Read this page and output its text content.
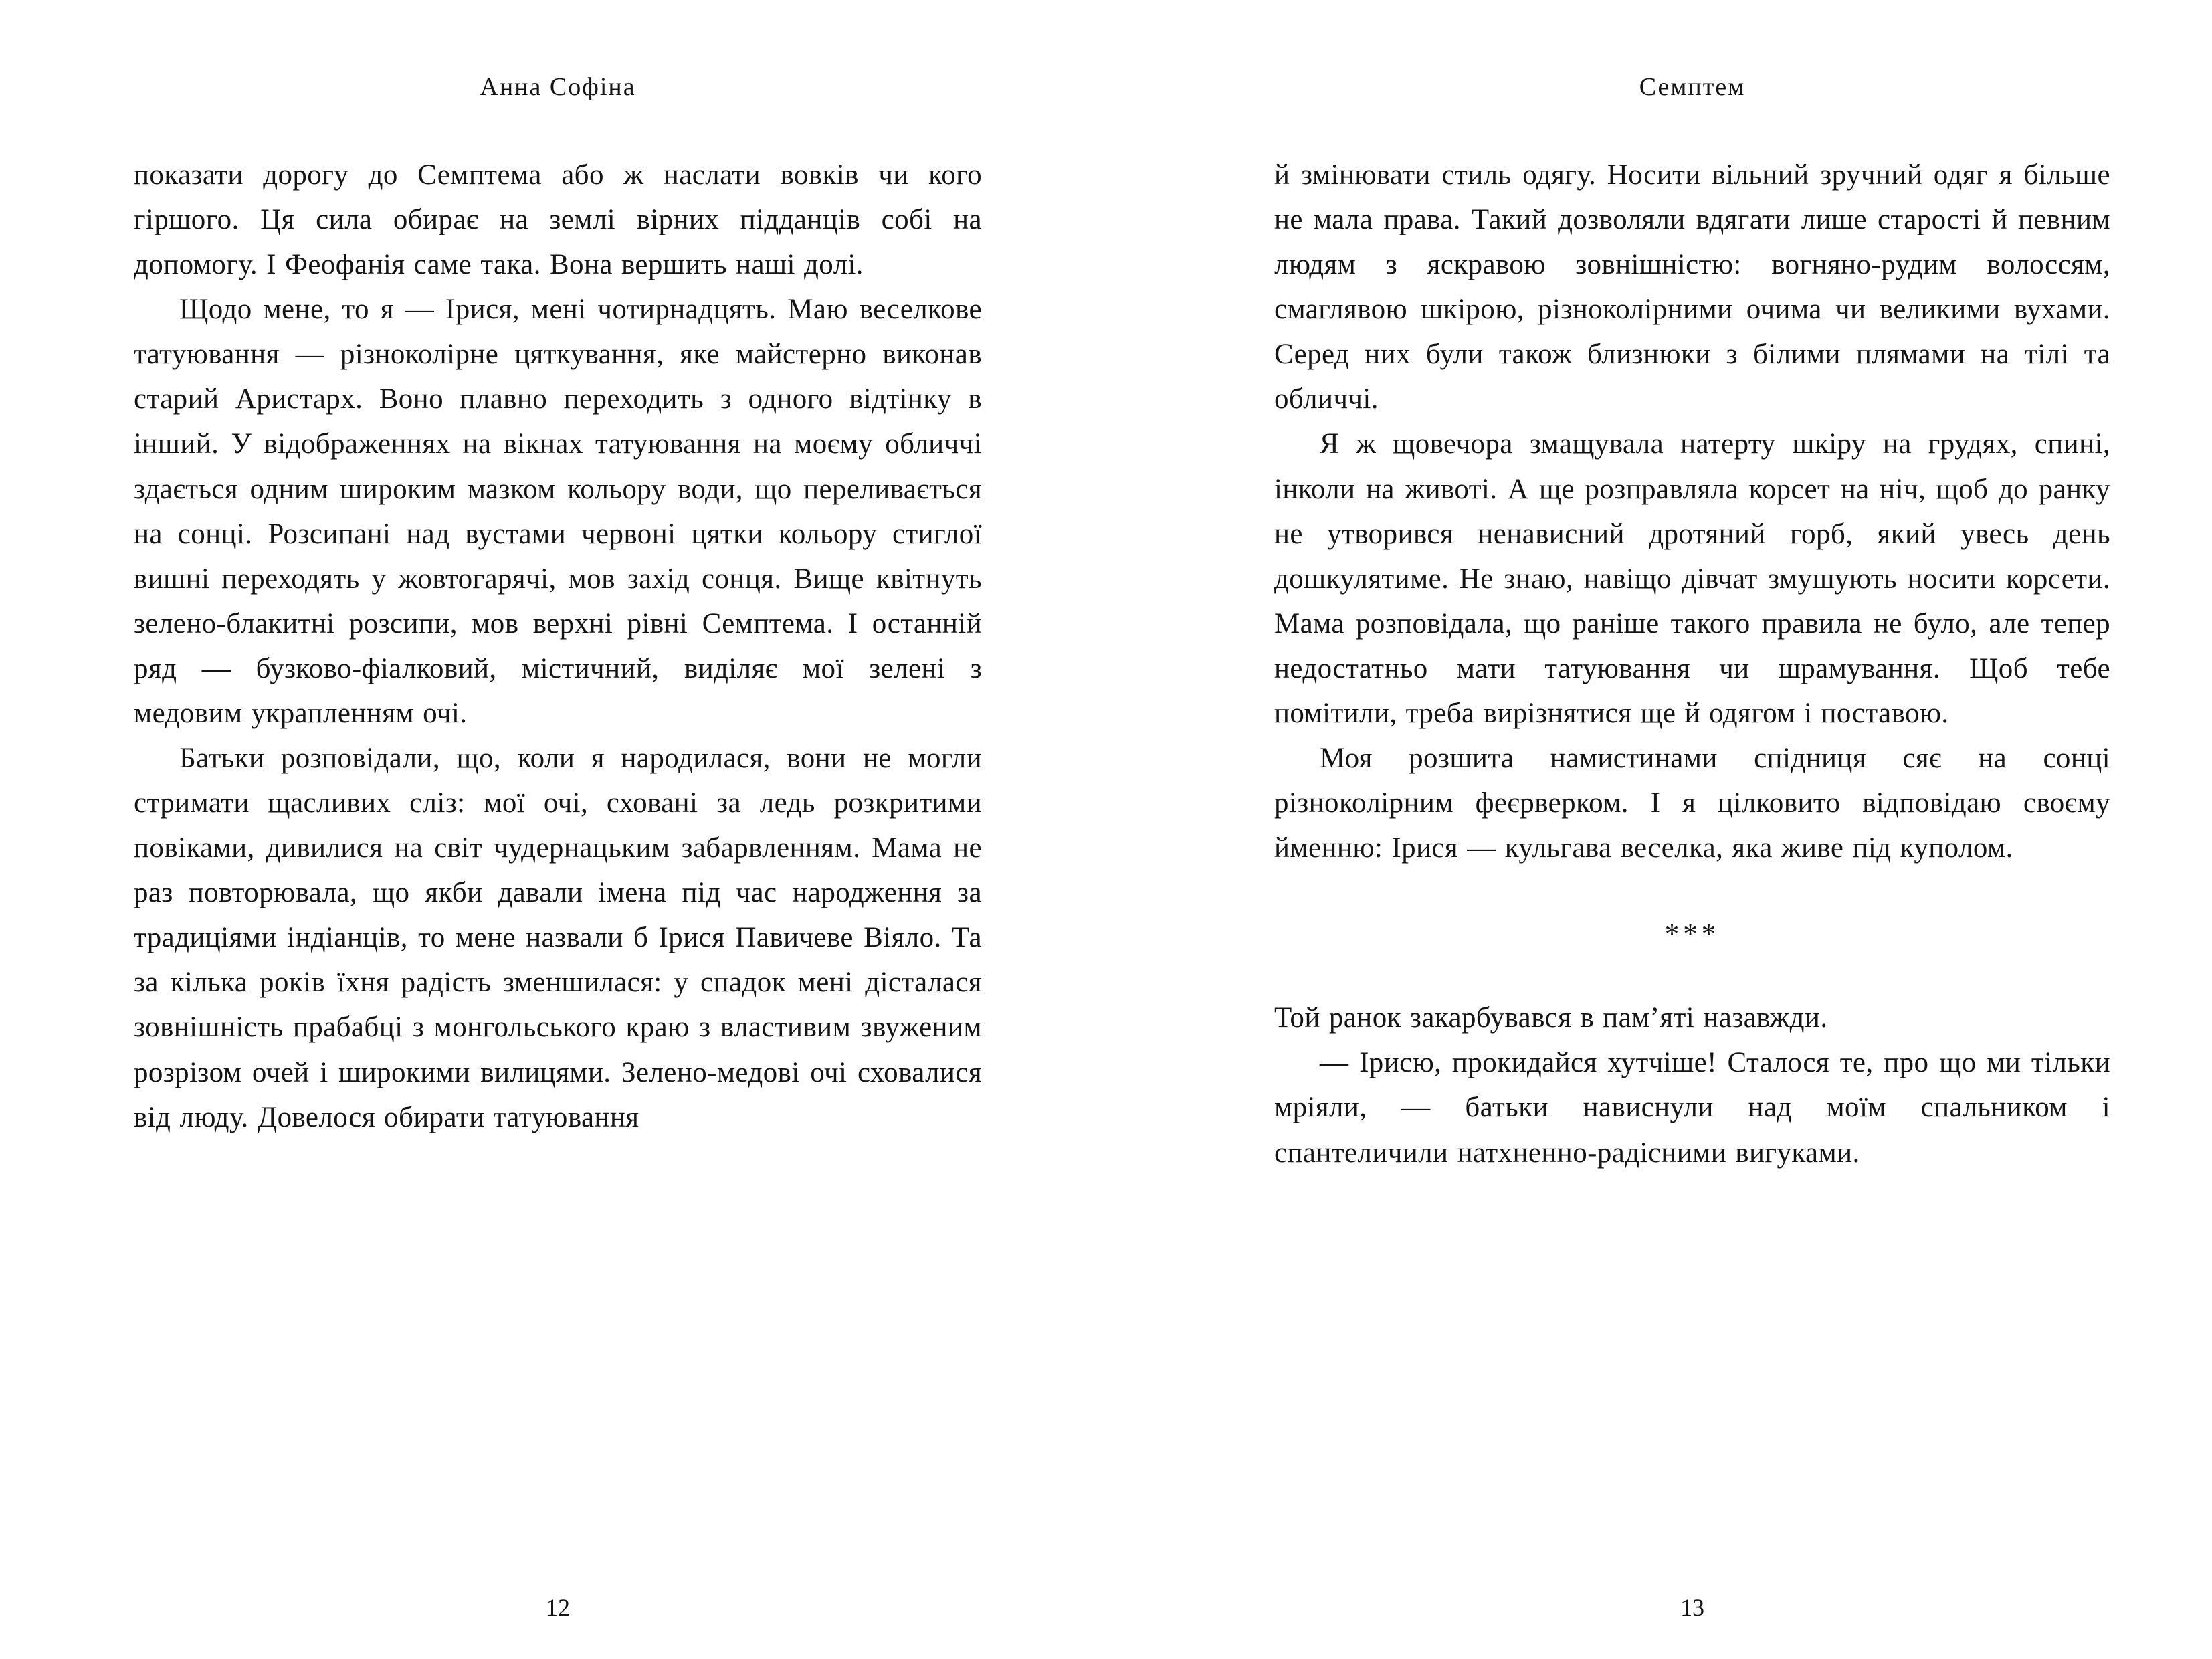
Анна Софіна

показати дорогу до Семптема або ж наслати вовків чи кого гіршого. Ця сила обирає на землі вірних підданців собі на допомогу. І Феофанія саме така. Вона вершить наші долі.

Щодо мене, то я — Ірися, мені чотирнадцять. Маю веселкове татуювання — різноколірне цяткування, яке майстерно виконав старий Аристарх. Воно плавно переходить з одного відтінку в інший. У відображеннях на вікнах татуювання на моєму обличчі здається одним широким мазком кольору води, що переливається на сонці. Розсипані над вустами червоні цятки кольору стиглої вишні переходять у жовтогарячі, мов захід сонця. Вище квітнуть зелено-блакитні розсипи, мов верхні рівні Семптема. І останній ряд — бузково-фіалковий, містичний, виділяє мої зелені з медовим украпленням очі.

Батьки розповідали, що, коли я народилася, вони не могли стримати щасливих сліз: мої очі, сховані за ледь розкритими повіками, дивилися на світ чудернацьким забарвленням. Мама не раз повторювала, що якби давали імена під час народження за традиціями індіанців, то мене назвали б Ірися Павичеве Віяло. Та за кілька років їхня радість зменшилася: у спадок мені дісталася зовнішність прабабці з монгольського краю з властивим звуженим розрізом очей і широкими вилицями. Зелено-медові очі сховалися від люду. Довелося обирати татуювання

12
Семптем

й змінювати стиль одягу. Носити вільний зручний одяг я більше не мала права. Такий дозволяли вдягати лише старості й певним людям з яскравою зовнішністю: вогняно-рудим волоссям, смаглявою шкірою, різноколірними очима чи великими вухами. Серед них були також близнюки з білими плямами на тілі та обличчі.

Я ж щовечора змащувала натерту шкіру на грудях, спині, інколи на животі. А ще розправляла корсет на ніч, щоб до ранку не утворився ненависний дротяний горб, який увесь день дошкулятиме. Не знаю, навіщо дівчат змушують носити корсети. Мама розповідала, що раніше такого правила не було, але тепер недостатньо мати татуювання чи шрамування. Щоб тебе помітили, треба вирізнятися ще й одягом і поставою.

Моя розшита намистинами спідниця сяє на сонці різноколірним феєрверком. І я цілковито відповідаю своєму йменню: Ірися — кульгава веселка, яка живе під куполом.

***

Той ранок закарбувався в пам’яті назавжди.

— Ірисю, прокидайся хутчіше! Сталося те, про що ми тільки мріяли, — батьки нависнули над моїм спальником і спантеличили натхненно-радісними вигуками.

13
